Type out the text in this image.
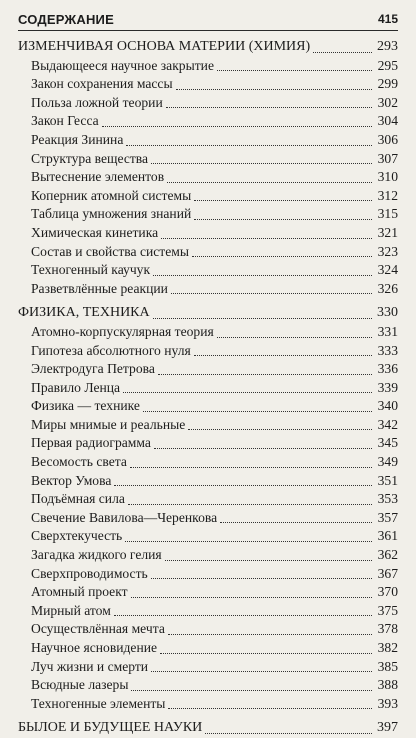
СОДЕРЖАНИЕ	415
ИЗМЕНЧИВАЯ ОСНОВА МАТЕРИИ (ХИМИЯ)	293
Выдающееся научное закрытие	295
Закон сохранения массы	299
Польза ложной теории	302
Закон Гесса	304
Реакция Зинина	306
Структура вещества	307
Вытеснение элементов	310
Коперник атомной системы	312
Таблица умножения знаний	315
Химическая кинетика	321
Состав и свойства системы	323
Техногенный каучук	324
Разветвлённые реакции	326
ФИЗИКА, ТЕХНИКА	330
Атомно-корпускулярная теория	331
Гипотеза абсолютного нуля	333
Электродуга Петрова	336
Правило Ленца	339
Физика — технике	340
Миры мнимые и реальные	342
Первая радиограмма	345
Весомость света	349
Вектор Умова	351
Подъёмная сила	353
Свечение Вавилова—Черенкова	357
Сверхтекучесть	361
Загадка жидкого гелия	362
Сверхпроводимость	367
Атомный проект	370
Мирный атом	375
Осуществлённая мечта	378
Научное ясновидение	382
Луч жизни и смерти	385
Всюдные лазеры	388
Техногенные элементы	393
БЫЛОЕ И БУДУЩЕЕ НАУКИ	397
